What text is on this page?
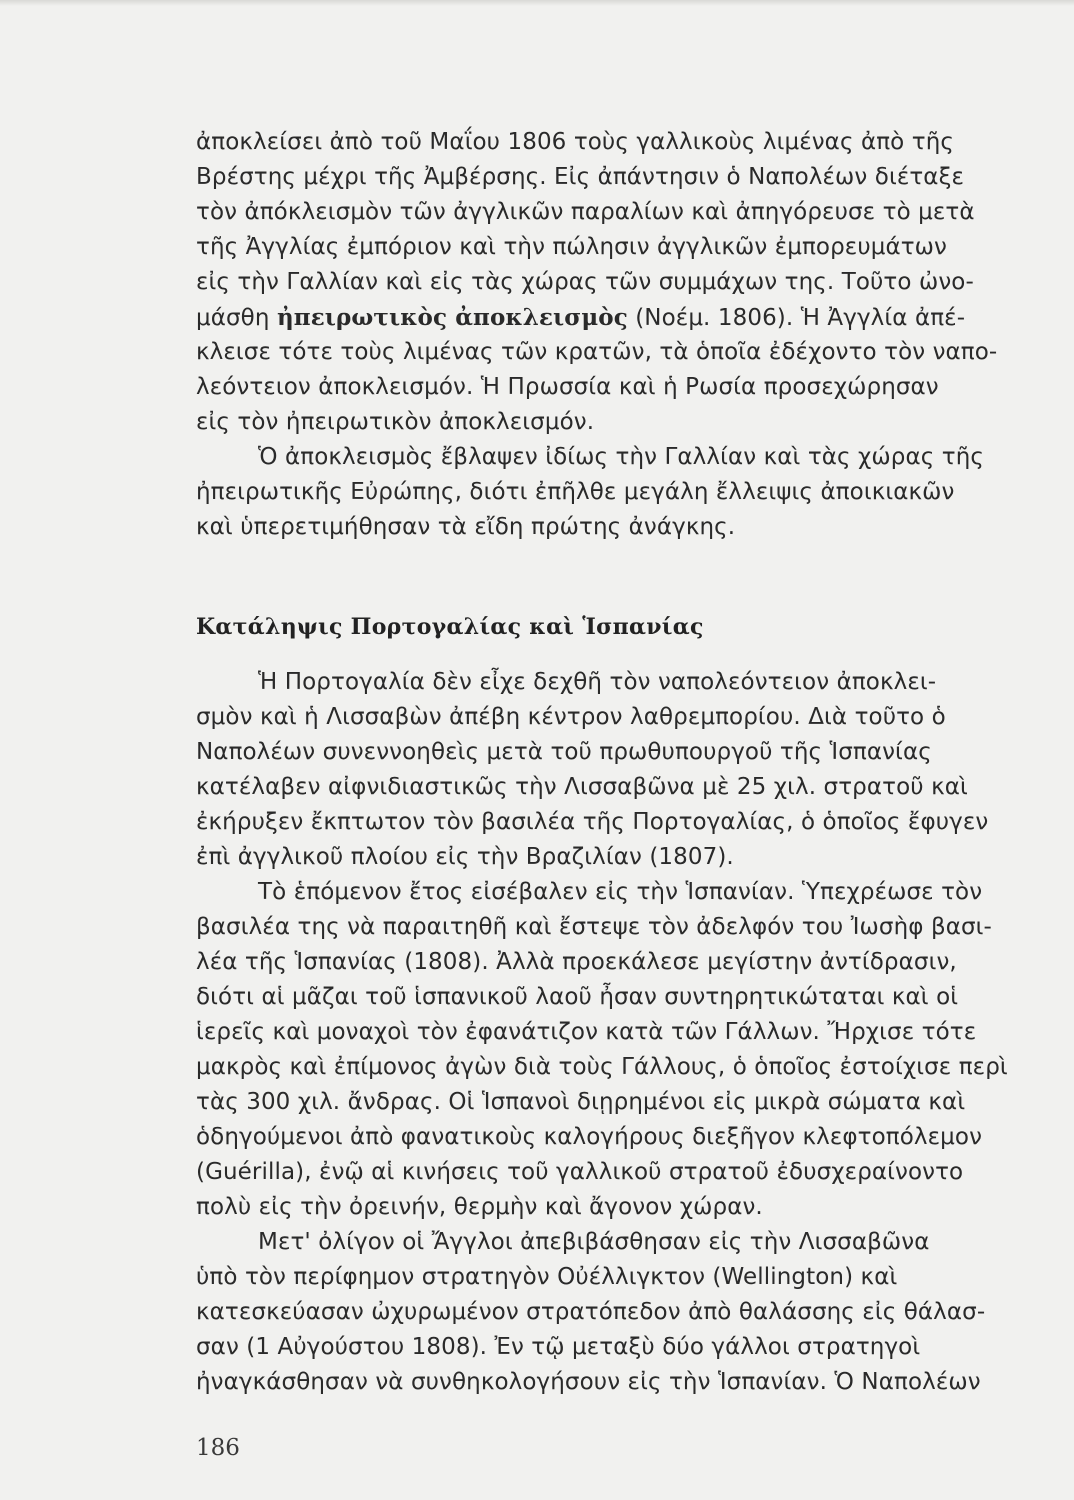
ἀποκλείσει ἀπὸ τοῦ Μαΐου 1806 τοὺς γαλλικοὺς λιμένας ἀπὸ τῆς
Βρέστης μέχρι τῆς Ἀμβέρσης. Εἰς ἀπάντησιν ὁ Ναπολέων διέταξε
τὸν ἀπόκλεισμὸν τῶν ἀγγλικῶν παραλίων καὶ ἀπηγόρευσε τὸ μετὰ
τῆς Ἀγγλίας ἐμπόριον καὶ τὴν πώλησιν ἀγγλικῶν ἐμπορευμάτων
εἰς τὴν Γαλλίαν καὶ εἰς τὰς χώρας τῶν συμμάχων της. Τοῦτο ὠνο-
μάσθη ἠπειρωτικὸς ἀποκλεισμὸς (Νοέμ. 1806). Ἡ Ἀγγλία ἀπέ-
κλεισε τότε τοὺς λιμένας τῶν κρατῶν, τὰ ὁποῖα ἐδέχοντο τὸν ναπο-
λεόντειον ἀποκλεισμόν. Ἡ Πρωσσία καὶ ἡ Ρωσία προσεχώρησαν
εἰς τὸν ἠπειρωτικὸν ἀποκλεισμόν.
Ὁ ἀποκλεισμὸς ἔβλαψεν ἰδίως τὴν Γαλλίαν καὶ τὰς χώρας τῆς
ἠπειρωτικῆς Εὐρώπης, διότι ἐπῆλθε μεγάλη ἔλλειψις ἀποικιακῶν
καὶ ὑπερετιμήθησαν τὰ εἴδη πρώτης ἀνάγκης.
Κατάληψις Πορτογαλίας καὶ Ἱσπανίας
Ἡ Πορτογαλία δὲν εἶχε δεχθῆ τὸν ναπολεόντειον ἀποκλει-
σμὸν καὶ ἡ Λισσαβὼν ἀπέβη κέντρον λαθρεμπορίου. Διὰ τοῦτο ὁ
Ναπολέων συνεννοηθεὶς μετὰ τοῦ πρωθυπουργοῦ τῆς Ἱσπανίας
κατέλαβεν αἰφνιδιαστικῶς τὴν Λισσαβῶνα μὲ 25 χιλ. στρατοῦ καὶ
ἐκήρυξεν ἔκπτωτον τὸν βασιλέα τῆς Πορτογαλίας, ὁ ὁποῖος ἔφυγεν
ἐπὶ ἀγγλικοῦ πλοίου εἰς τὴν Βραζιλίαν (1807).
Τὸ ἑπόμενον ἔτος εἰσέβαλεν εἰς τὴν Ἱσπανίαν. Ὑπεχρέωσε τὸν
βασιλέα της νὰ παραιτηθῆ καὶ ἔστεψε τὸν ἀδελφόν του Ἰωσὴφ βασι-
λέα τῆς Ἱσπανίας (1808). Ἀλλὰ προεκάλεσε μεγίστην ἀντίδρασιν,
διότι αἱ μᾶζαι τοῦ ἱσπανικοῦ λαοῦ ἦσαν συντηρητικώταται καὶ οἱ
ἱερεῖς καὶ μοναχοὶ τὸν ἐφανάτιζον κατὰ τῶν Γάλλων. Ἤρχισε τότε
μακρὸς καὶ ἐπίμονος ἀγὼν διὰ τοὺς Γάλλους, ὁ ὁποῖος ἐστοίχισε περὶ
τὰς 300 χιλ. ἄνδρας. Οἱ Ἱσπανοὶ διῃρημένοι εἰς μικρὰ σώματα καὶ
ὁδηγούμενοι ἀπὸ φανατικοὺς καλογήρους διεξῆγον κλεφτοπόλεμον
(Guérilla), ἐνῷ αἱ κινήσεις τοῦ γαλλικοῦ στρατοῦ ἐδυσχεραίνοντο
πολὺ εἰς τὴν ὀρεινήν, θερμὴν καὶ ἄγονον χώραν.
Μετ' ὀλίγον οἱ Ἄγγλοι ἀπεβιβάσθησαν εἰς τὴν Λισσαβῶνα
ὑπὸ τὸν περίφημον στρατηγὸν Οὐέλλιγκτον (Wellington) καὶ
κατεσκεύασαν ὠχυρωμένον στρατόπεδον ἀπὸ θαλάσσης εἰς θάλασ-
σαν (1 Αὐγούστου 1808). Ἐν τῷ μεταξὺ δύο γάλλοι στρατηγοὶ
ἠναγκάσθησαν νὰ συνθηκολογήσουν εἰς τὴν Ἱσπανίαν. Ὁ Ναπολέων
186
